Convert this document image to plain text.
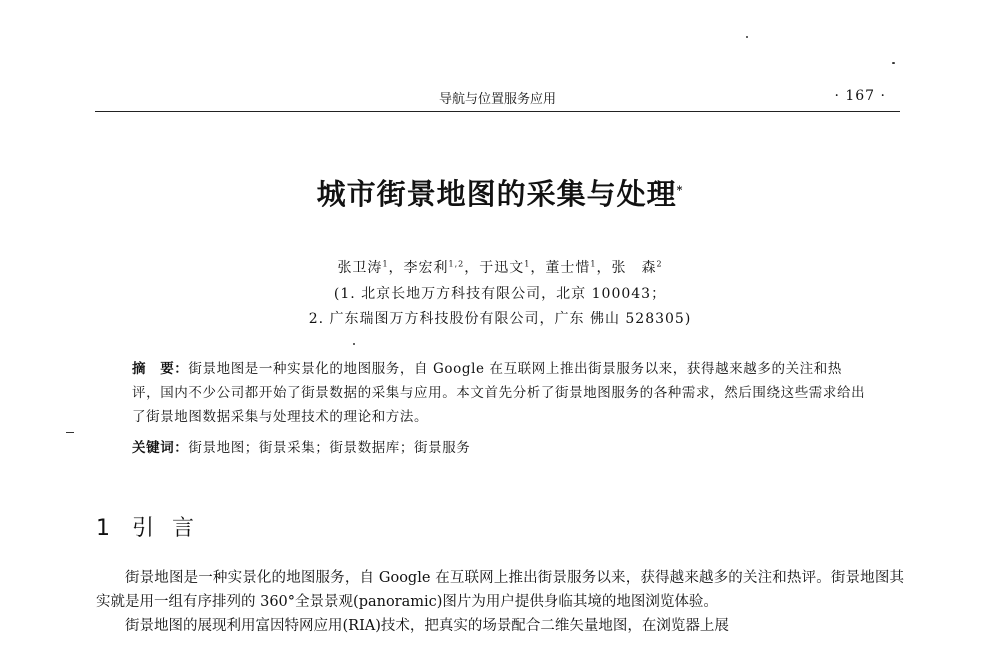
导航与位置服务应用	· 167 ·
城市街景地图的采集与处理*
张卫涛$^1$，李宏利$^{1,2}$，于迅文$^1$，董士惜$^1$，张　森$^2$
(1. 北京长地万方科技有限公司，北京 100043；
2. 广东瑞图万方科技股份有限公司，广东 佛山 528305)
摘　要：街景地图是一种实景化的地图服务，自 Google 在互联网上推出街景服务以来，获得越来越多的关注和热评，国内不少公司都开始了街景数据的采集与应用。本文首先分析了街景地图服务的各种需求，然后围绕这些需求给出了街景地图数据采集与处理技术的理论和方法。
关键词：街景地图；街景采集；街景数据库；街景服务
1 引言

街景地图是一种实景化的地图服务，自 Google 在互联网上推出街景服务以来，获得越来越多的关注和热评。街景地图其实就是用一组有序排列的 360°全景景观(panoramic)图片为用户提供身临其境的地图浏览体验。

街景地图的展现利用富因特网应用(RIA)技术，把真实的场景配合二维矢量地图，在浏览器上展
